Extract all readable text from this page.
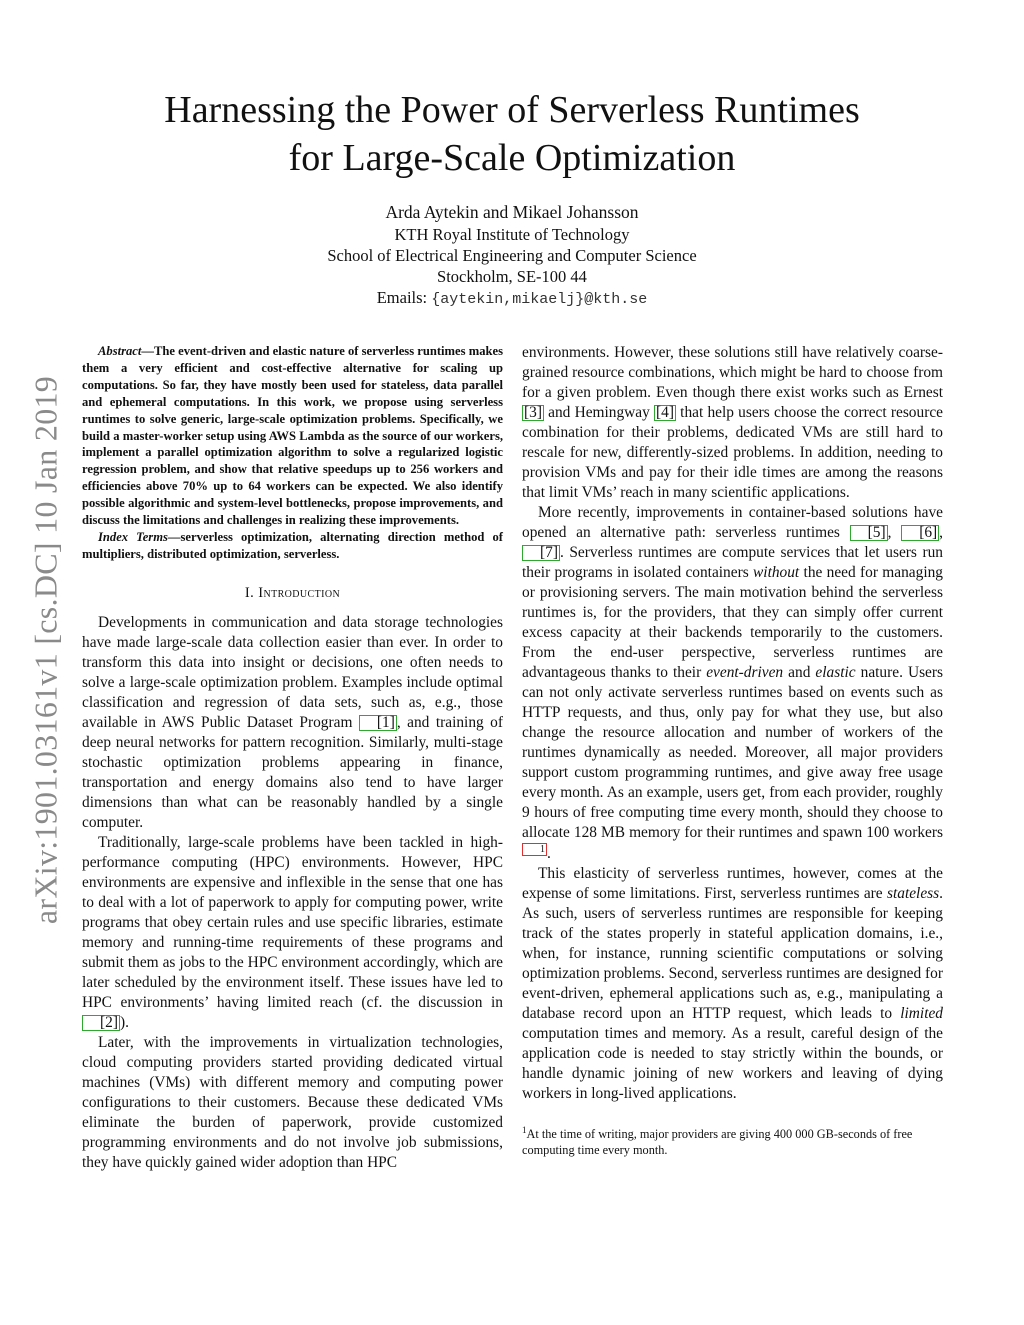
arXiv:1901.03161v1 [cs.DC] 10 Jan 2019
Harnessing the Power of Serverless Runtimes
for Large-Scale Optimization
Arda Aytekin and Mikael Johansson
KTH Royal Institute of Technology
School of Electrical Engineering and Computer Science
Stockholm, SE-100 44
Emails: {aytekin,mikaelj}@kth.se

Abstract—The event-driven and elastic nature of serverless runtimes makes them a very efficient and cost-effective alternative for scaling up computations. So far, they have mostly been used for stateless, data parallel and ephemeral computations. In this work, we propose using serverless runtimes to solve generic, large-scale optimization problems. Specifically, we build a master-worker setup using AWS Lambda as the source of our workers, implement a parallel optimization algorithm to solve a regularized logistic regression problem, and show that relative speedups up to 256 workers and efficiencies above 70% up to 64 workers can be expected. We also identify possible algorithmic and system-level bottlenecks, propose improvements, and discuss the limitations and challenges in realizing these improvements.

Index Terms—serverless optimization, alternating direction method of multipliers, distributed optimization, serverless.

I. Introduction

Developments in communication and data storage technologies have made large-scale data collection easier than ever. In order to transform this data into insight or decisions, one often needs to solve a large-scale optimization problem. Examples include optimal classification and regression of data sets, such as, e.g., those available in AWS Public Dataset Program [1] , and training of deep neural networks for pattern recognition. Similarly, multi-stage stochastic optimization problems appearing in finance, transportation and energy domains also tend to have larger dimensions than what can be reasonably handled by a single computer.

Traditionally, large-scale problems have been tackled in high-performance computing (HPC) environments. However, HPC environments are expensive and inflexible in the sense that one has to deal with a lot of paperwork to apply for computing power, write programs that obey certain rules and use specific libraries, estimate memory and running-time requirements of these programs and submit them as jobs to the HPC environment accordingly, which are later scheduled by the environment itself. These issues have led to HPC environments’ having limited reach (cf. the discussion in [2] ).

Later, with the improvements in virtualization technologies, cloud computing providers started providing dedicated virtual machines (VMs) with different memory and computing power configurations to their customers. Because these dedicated VMs eliminate the burden of paperwork, provide customized programming environments and do not involve job submissions, they have quickly gained wider adoption than HPC

environments. However, these solutions still have relatively coarse-grained resource combinations, which might be hard to choose from for a given problem. Even though there exist works such as Ernest [3] and Hemingway [4] that help users choose the correct resource combination for their problems, dedicated VMs are still hard to rescale for new, differently-sized problems. In addition, needing to provision VMs and pay for their idle times are among the reasons that limit VMs’ reach in many scientific applications.

More recently, improvements in container-based solutions have opened an alternative path: serverless runtimes [5] , [6] , [7] . Serverless runtimes are compute services that let users run their programs in isolated containers without the need for managing or provisioning servers. The main motivation behind the serverless runtimes is, for the providers, that they can simply offer current excess capacity at their backends temporarily to the customers. From the end-user perspective, serverless runtimes are advantageous thanks to their event-driven and elastic nature. Users can not only activate serverless runtimes based on events such as HTTP requests, and thus, only pay for what they use, but also change the resource allocation and number of workers of the runtimes dynamically as needed. Moreover, all major providers support custom programming runtimes, and give away free usage every month. As an example, users get, from each provider, roughly 9 hours of free computing time every month, should they choose to allocate 128 MB memory for their runtimes and spawn 100 workers1 .

This elasticity of serverless runtimes, however, comes at the expense of some limitations. First, serverless runtimes are stateless. As such, users of serverless runtimes are responsible for keeping track of the states properly in stateful application domains, i.e., when, for instance, running scientific computations or solving optimization problems. Second, serverless runtimes are designed for event-driven, ephemeral applications such as, e.g., manipulating a database record upon an HTTP request, which leads to limited computation times and memory. As a result, careful design of the application code is needed to stay strictly within the bounds, or handle dynamic joining of new workers and leaving of dying workers in long-lived applications.

$^1$At the time of writing, major providers are giving 400 000 GB-seconds of free computing time every month.
